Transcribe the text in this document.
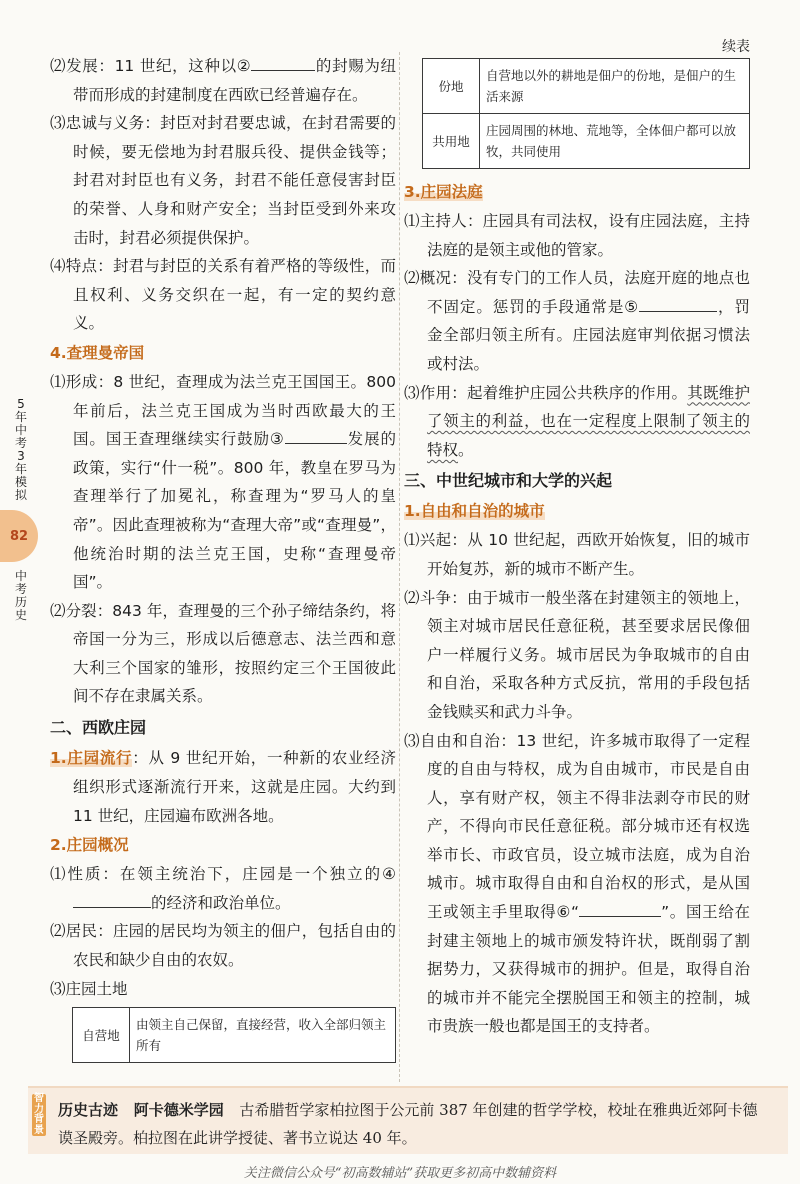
5年中考3年模拟
82
中考历史

⑵发展：11 世纪，这种以②	的封赐为纽带而形成的封建制度在西欧已经普遍存在。

⑶忠诚与义务：封臣对封君要忠诚，在封君需要的时候，要无偿地为封君服兵役、提供金钱等；封君对封臣也有义务，封君不能任意侵害封臣的荣誉、人身和财产安全；当封臣受到外来攻击时，封君必须提供保护。

⑷特点：封君与封臣的关系有着严格的等级性，而且权利、义务交织在一起，有一定的契约意义。

4.查理曼帝国

⑴形成：8 世纪，查理成为法兰克王国国王。800 年前后，法兰克王国成为当时西欧最大的王国。国王查理继续实行鼓励③	发展的政策，实行“什一税”。800 年，教皇在罗马为查理举行了加冕礼，称查理为“罗马人的皇帝”。因此查理被称为“查理大帝”或“查理曼”，他统治时期的法兰克王国，史称“查理曼帝国”。

⑵分裂：843 年，查理曼的三个孙子缔结条约，将帝国一分为三，形成以后德意志、法兰西和意大利三个国家的雏形，按照约定三个王国彼此间不存在隶属关系。

二、西欧庄园

1.庄园流行：从 9 世纪开始，一种新的农业经济组织形式逐渐流行开来，这就是庄园。大约到 11 世纪，庄园遍布欧洲各地。

2.庄园概况

⑴性质：在领主统治下，庄园是一个独立的④的经济和政治单位。

⑵居民：庄园的居民均为领主的佃户，包括自由的农民和缺少自由的农奴。

⑶庄园土地

自营地	由领主自己保留，直接经营，收入全部归领主所有

续表

份地	自营地以外的耕地是佃户的份地，是佃户的生活来源
共用地	庄园周围的林地、荒地等，全体佃户都可以放牧，共同使用

3.庄园法庭

⑴主持人：庄园具有司法权，设有庄园法庭，主持法庭的是领主或他的管家。

⑵概况：没有专门的工作人员，法庭开庭的地点也不固定。惩罚的手段通常是⑤	，罚金全部归领主所有。庄园法庭审判依据习惯法或村法。

⑶作用：起着维护庄园公共秩序的作用。其既维护了领主的利益，也在一定程度上限制了领主的特权。

三、中世纪城市和大学的兴起

1.自由和自治的城市

⑴兴起：从 10 世纪起，西欧开始恢复，旧的城市开始复苏，新的城市不断产生。

⑵斗争：由于城市一般坐落在封建领主的领地上，领主对城市居民任意征税，甚至要求居民像佃户一样履行义务。城市居民为争取城市的自由和自治，采取各种方式反抗，常用的手段包括金钱赎买和武力斗争。

⑶自由和自治：13 世纪，许多城市取得了一定程度的自由与特权，成为自由城市，市民是自由人，享有财产权，领主不得非法剥夺市民的财产，不得向市民任意征税。部分城市还有权选举市长、市政官员，设立城市法庭，成为自治城市。城市取得自由和自治权的形式，是从国王或领主手里取得⑥“	”。国王给在封建主领地上的城市颁发特许状，既削弱了割据势力，又获得城市的拥护。但是，取得自治的城市并不能完全摆脱国王和领主的控制，城市贵族一般也都是国王的支持者。

智力背景
历史古迹 阿卡德米学园 古希腊哲学家柏拉图于公元前 387 年创建的哲学学校，校址在雅典近郊阿卡德谟圣殿旁。柏拉图在此讲学授徒、著书立说达 40 年。
关注微信公众号“初高数辅站”获取更多初高中数辅资料
